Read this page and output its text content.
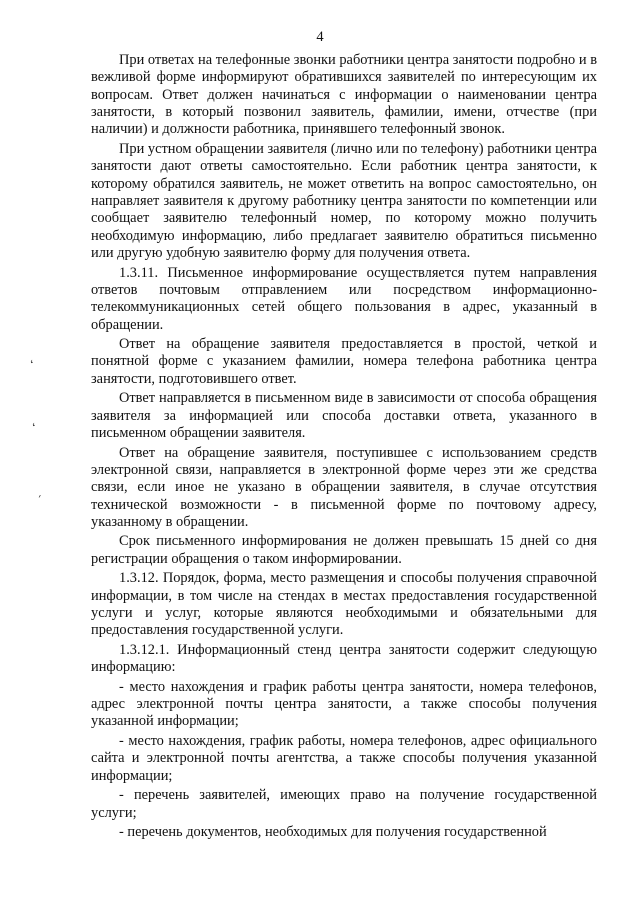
4
ʻ
ʻ
ˏ

При ответах на телефонные звонки работники центра занятости подробно и в вежливой форме информируют обратившихся заявителей по интересующим их вопросам. Ответ должен начинаться с информации о наименовании центра занятости, в который позвонил заявитель, фамилии, имени, отчестве (при наличии) и должности работника, принявшего телефонный звонок.

При устном обращении заявителя (лично или по телефону) работники центра занятости дают ответы самостоятельно. Если работник центра занятости, к которому обратился заявитель, не может ответить на вопрос самостоятельно, он направляет заявителя к другому работнику центра занятости по компетенции или сообщает заявителю телефонный номер, по которому можно получить необходимую информацию, либо предлагает заявителю обратиться письменно или другую удобную заявителю форму для получения ответа.

1.3.11. Письменное информирование осуществляется путем направления ответов почтовым отправлением или посредством информационно-телекоммуникационных сетей общего пользования в адрес, указанный в обращении.

Ответ на обращение заявителя предоставляется в простой, четкой и понятной форме с указанием фамилии, номера телефона работника центра занятости, подготовившего ответ.

Ответ направляется в письменном виде в зависимости от способа обращения заявителя за информацией или способа доставки ответа, указанного в письменном обращении заявителя.

Ответ на обращение заявителя, поступившее с использованием средств электронной связи, направляется в электронной форме через эти же средства связи, если иное не указано в обращении заявителя, в случае отсутствия технической возможности - в письменной форме по почтовому адресу, указанному в обращении.

Срок письменного информирования не должен превышать 15 дней со дня регистрации обращения о таком информировании.

1.3.12. Порядок, форма, место размещения и способы получения справочной информации, в том числе на стендах в местах предоставления государственной услуги и услуг, которые являются необходимыми и обязательными для предоставления государственной услуги.

1.3.12.1. Информационный стенд центра занятости содержит следующую информацию:

- место нахождения и график работы центра занятости, номера телефонов, адрес электронной почты центра занятости, а также способы получения указанной информации;

- место нахождения, график работы, номера телефонов, адрес официального сайта и электронной почты агентства, а также способы получения указанной информации;

- перечень заявителей, имеющих право на получение государственной услуги;

- перечень документов, необходимых для получения государственной
